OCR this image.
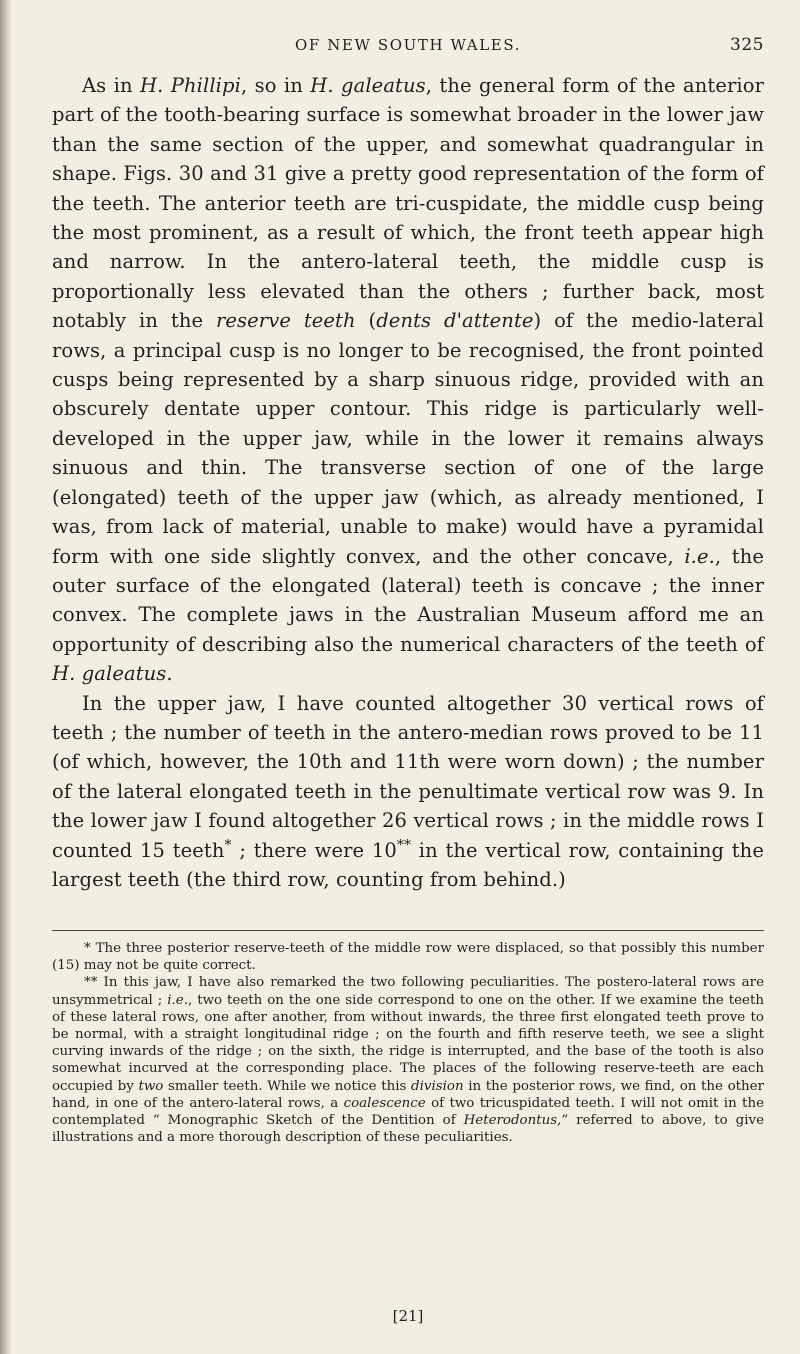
OF NEW SOUTH WALES.	325

As in H. Phillipi, so in H. galeatus, the general form of the anterior part of the tooth-bearing surface is somewhat broader in the lower jaw than the same section of the upper, and somewhat quadrangular in shape. Figs. 30 and 31 give a pretty good representation of the form of the teeth. The anterior teeth are tri-cuspidate, the middle cusp being the most prominent, as a result of which, the front teeth appear high and narrow. In the antero-lateral teeth, the middle cusp is proportionally less elevated than the others ; further back, most notably in the reserve teeth (dents d'attente) of the medio-lateral rows, a principal cusp is no longer to be recognised, the front pointed cusps being represented by a sharp sinuous ridge, provided with an obscurely dentate upper contour. This ridge is particularly well-developed in the upper jaw, while in the lower it remains always sinuous and thin. The transverse section of one of the large (elongated) teeth of the upper jaw (which, as already mentioned, I was, from lack of material, unable to make) would have a pyramidal form with one side slightly convex, and the other concave, i.e., the outer surface of the elongated (lateral) teeth is concave ; the inner convex. The complete jaws in the Australian Museum afford me an opportunity of describing also the numerical characters of the teeth of H. galeatus.

In the upper jaw, I have counted altogether 30 vertical rows of teeth ; the number of teeth in the antero-median rows proved to be 11 (of which, however, the 10th and 11th were worn down) ; the number of the lateral elongated teeth in the penultimate vertical row was 9. In the lower jaw I found altogether 26 vertical rows ; in the middle rows I counted 15 teeth* ; there were 10** in the vertical row, containing the largest teeth (the third row, counting from behind.)

* The three posterior reserve-teeth of the middle row were displaced, so that possibly this number (15) may not be quite correct.

** In this jaw, I have also remarked the two following peculiarities. The postero-lateral rows are unsymmetrical ; i.e., two teeth on the one side correspond to one on the other. If we examine the teeth of these lateral rows, one after another, from without inwards, the three first elongated teeth prove to be normal, with a straight longitudinal ridge ; on the fourth and fifth reserve teeth, we see a slight curving inwards of the ridge ; on the sixth, the ridge is interrupted, and the base of the tooth is also somewhat incurved at the corresponding place. The places of the following reserve-teeth are each occupied by two smaller teeth. While we notice this division in the posterior rows, we find, on the other hand, in one of the antero-lateral rows, a coalescence of two tricuspidated teeth. I will not omit in the contemplated “ Monographic Sketch of the Dentition of Heterodontus,” referred to above, to give illustrations and a more thorough description of these peculiarities.

[21]
